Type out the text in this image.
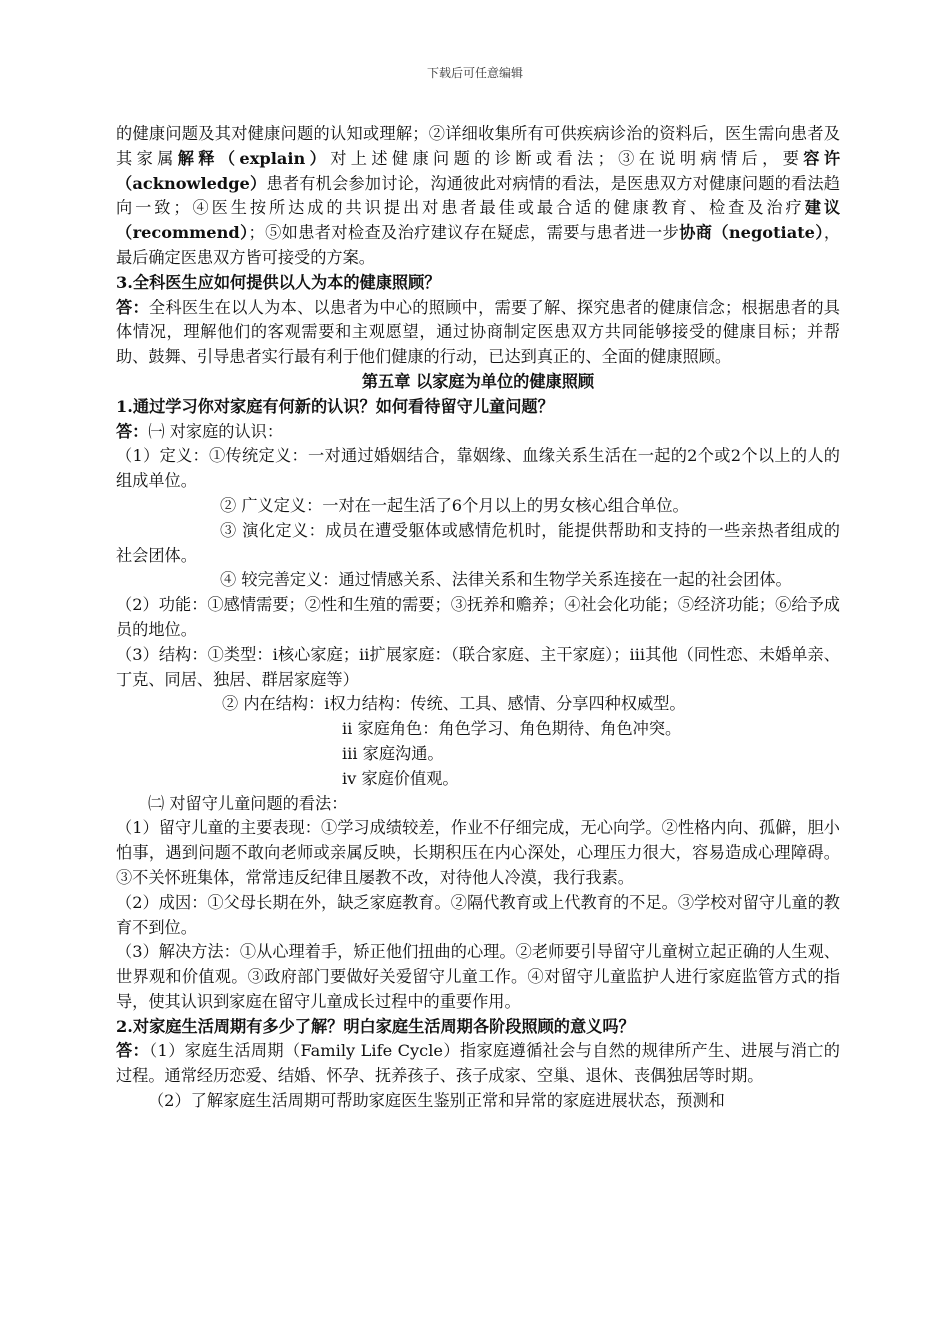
下载后可任意编辑

的健康问题及其对健康问题的认知或理解；②详细收集所有可供疾病诊治的资料后，医生需向患者及其家属解释（explain）对上述健康问题的诊断或看法；③在说明病情后，要容许（acknowledge）患者有机会参加讨论，沟通彼此对病情的看法，是医患双方对健康问题的看法趋向一致；④医生按所达成的共识提出对患者最佳或最合适的健康教育、检查及治疗建议（recommend）；⑤如患者对检查及治疗建议存在疑虑，需要与患者进一步协商（negotiate），最后确定医患双方皆可接受的方案。

3.全科医生应如何提供以人为本的健康照顾？

答：全科医生在以人为本、以患者为中心的照顾中，需要了解、探究患者的健康信念；根据患者的具体情况，理解他们的客观需要和主观愿望，通过协商制定医患双方共同能够接受的健康目标；并帮助、鼓舞、引导患者实行最有利于他们健康的行动，已达到真正的、全面的健康照顾。

第五章 以家庭为单位的健康照顾

1.通过学习你对家庭有何新的认识？如何看待留守儿童问题？

答：㈠ 对家庭的认识：

（1）定义：①传统定义：一对通过婚姻结合，靠姻缘、血缘关系生活在一起的2个或2个以上的人的组成单位。

② 广义定义：一对在一起生活了6个月以上的男女核心组合单位。

③ 演化定义：成员在遭受躯体或感情危机时，能提供帮助和支持的一些亲热者组成的社会团体。

④ 较完善定义：通过情感关系、法律关系和生物学关系连接在一起的社会团体。

（2）功能：①感情需要；②性和生殖的需要；③抚养和赡养；④社会化功能；⑤经济功能；⑥给予成员的地位。

（3）结构：①类型：ⅰ核心家庭；ⅱ扩展家庭：（联合家庭、主干家庭）；ⅲ其他（同性恋、未婚单亲、丁克、同居、独居、群居家庭等）

② 内在结构：ⅰ权力结构：传统、工具、感情、分享四种权威型。

ⅱ 家庭角色：角色学习、角色期待、角色冲突。

ⅲ 家庭沟通。

ⅳ 家庭价值观。

㈡ 对留守儿童问题的看法：

（1）留守儿童的主要表现：①学习成绩较差，作业不仔细完成，无心向学。②性格内向、孤僻，胆小怕事，遇到问题不敢向老师或亲属反映，长期积压在内心深处，心理压力很大，容易造成心理障碍。③不关怀班集体，常常违反纪律且屡教不改，对待他人冷漠，我行我素。

（2）成因：①父母长期在外，缺乏家庭教育。②隔代教育或上代教育的不足。③学校对留守儿童的教育不到位。

（3）解决方法：①从心理着手，矫正他们扭曲的心理。②老师要引导留守儿童树立起正确的人生观、世界观和价值观。③政府部门要做好关爱留守儿童工作。④对留守儿童监护人进行家庭监管方式的指导，使其认识到家庭在留守儿童成长过程中的重要作用。

2.对家庭生活周期有多少了解？明白家庭生活周期各阶段照顾的意义吗？

答：（1）家庭生活周期（Family Life Cycle）指家庭遵循社会与自然的规律所产生、进展与消亡的过程。通常经历恋爱、结婚、怀孕、抚养孩子、孩子成家、空巢、退休、丧偶独居等时期。

（2）了解家庭生活周期可帮助家庭医生鉴别正常和异常的家庭进展状态，预测和
